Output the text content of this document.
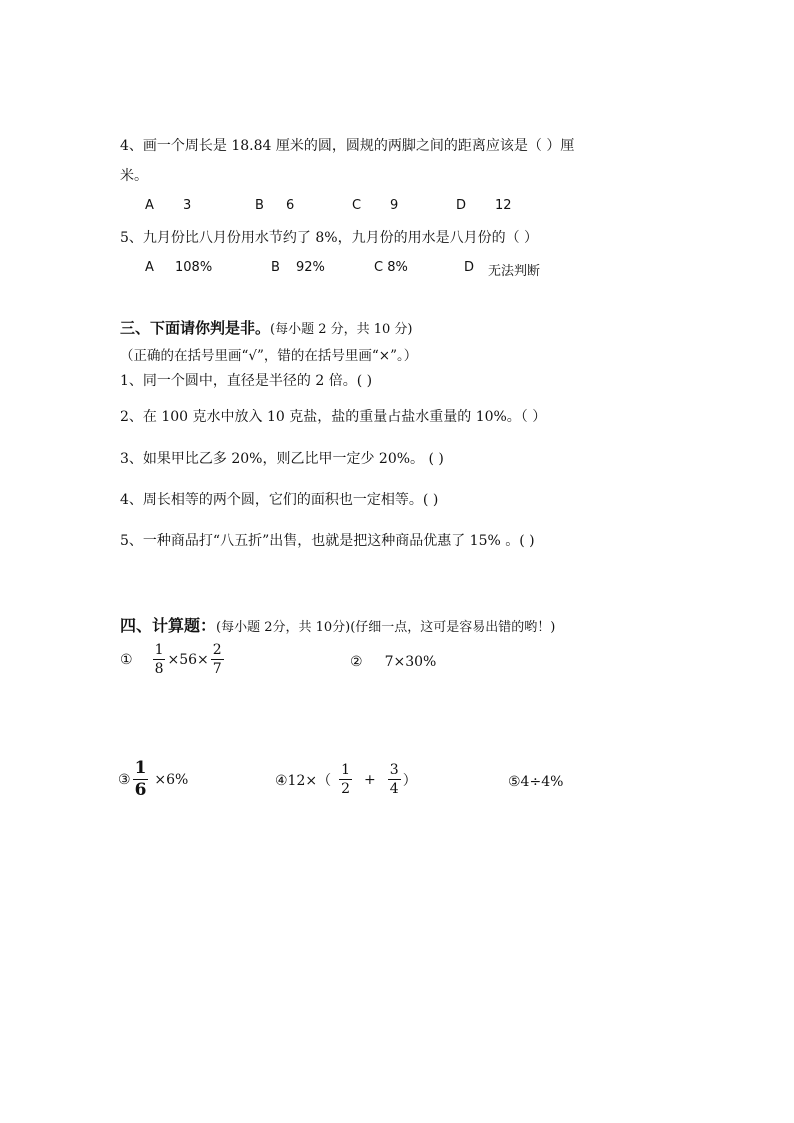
4、画一个周长是 18.84 厘米的圆，圆规的两脚之间的距离应该是（ ）厘
米。
A 3	B 6	C 9	D 12
5、九月份比八月份用水节约了 8%，九月份的用水是八月份的（ ）
A 108%	B 92%	C 8%	D 无法判断
三、下面请你判是非。(每小题 2 分，共 10 分)
（正确的在括号里画“√”，错的在括号里画“×”。）
1、同一个圆中，直径是半径的 2 倍。( )
2、在 100 克水中放入 10 克盐，盐的重量占盐水重量的 10%。（ ）
3、如果甲比乙多 20%，则乙比甲一定少 20%。 ( )
4、周长相等的两个圆，它们的面积也一定相等。( )
5、一种商品打“八五折”出售，也就是把这种商品优惠了 15% 。( )
四、计算题：(每小题 2分，共 10分)(仔细一点，这可是容易出错的哟！)
① $\frac{1}{8} \times 56\times \frac{2}{7}$	② 7×30%
③ $\frac{1}{6} \times 6\%$	④12×（ $\frac{1}{2} + \frac{3}{4}$ ）	⑤4÷4%
